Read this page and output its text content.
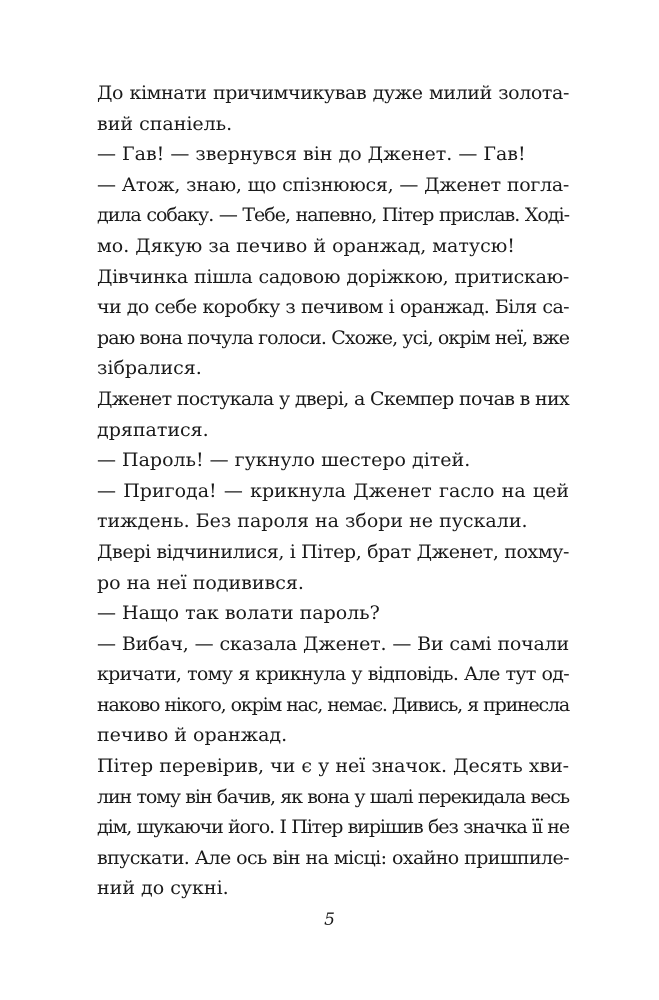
До кімнати причимчикував дуже милий золота-
вий спаніель.
— Гав! — звернувся він до Дженет. — Гав!
— Атож, знаю, що спізнююся, — Дженет погла-
дила собаку. — Тебе, напевно, Пітер прислав. Ході-
мо. Дякую за печиво й оранжад, матусю!
Дівчинка пішла садовою доріжкою, притискаю-
чи до себе коробку з печивом і оранжад. Біля са-
раю вона почула голоси. Схоже, усі, окрім неї, вже
зібралися.
Дженет постукала у двері, а Скемпер почав в них
дряпатися.
— Пароль! — гукнуло шестеро дітей.
— Пригода! — крикнула Дженет гасло на цей
тиждень. Без пароля на збори не пускали.
Двері відчинилися, і Пітер, брат Дженет, похму-
ро на неї подивився.
— Нащо так волати пароль?
— Вибач, — сказала Дженет. — Ви самі почали
кричати, тому я крикнула у відповідь. Але тут од-
наково нікого, окрім нас, немає. Дивись, я принесла
печиво й оранжад.
Пітер перевірив, чи є у неї значок. Десять хви-
лин тому він бачив, як вона у шалі перекидала весь
дім, шукаючи його. І Пітер вирішив без значка її не
впускати. Але ось він на місці: охайно пришпиле-
ний до сукні.
5
